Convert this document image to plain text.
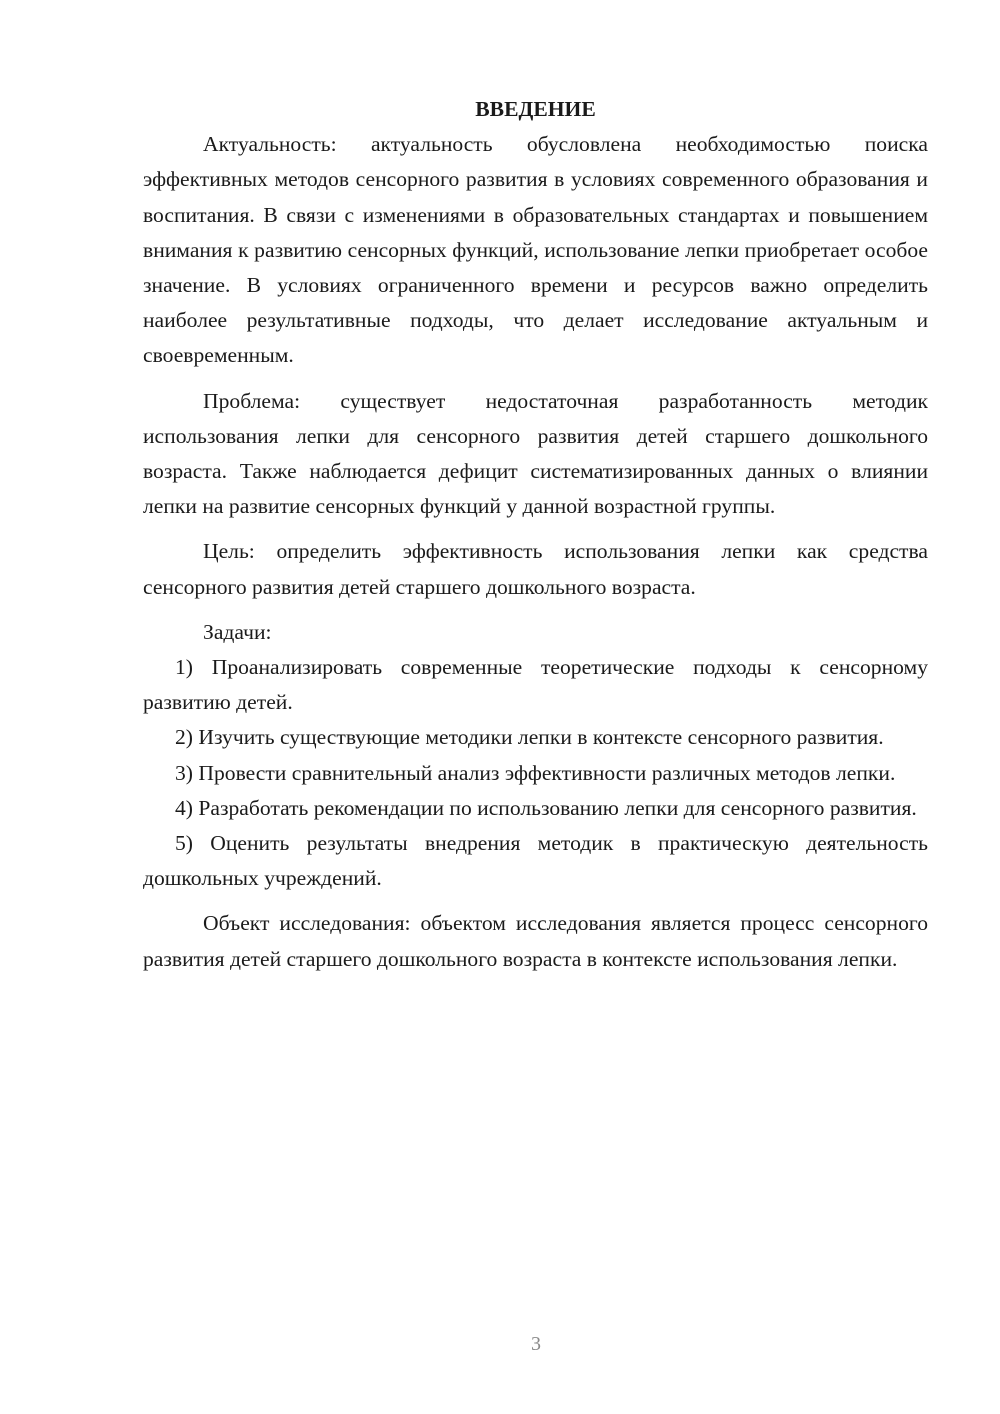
ВВЕДЕНИЕ

Актуальность: актуальность обусловлена необходимостью поиска эффективных методов сенсорного развития в условиях современного образования и воспитания. В связи с изменениями в образовательных стандартах и повышением внимания к развитию сенсорных функций, использование лепки приобретает особое значение. В условиях ограниченного времени и ресурсов важно определить наиболее результативные подходы, что делает исследование актуальным и своевременным.

Проблема: существует недостаточная разработанность методик использования лепки для сенсорного развития детей старшего дошкольного возраста. Также наблюдается дефицит систематизированных данных о влиянии лепки на развитие сенсорных функций у данной возрастной группы.

Цель: определить эффективность использования лепки как средства сенсорного развития детей старшего дошкольного возраста.

Задачи:

1) Проанализировать современные теоретические подходы к сенсорному развитию детей.

2) Изучить существующие методики лепки в контексте сенсорного развития.

3) Провести сравнительный анализ эффективности различных методов лепки.

4) Разработать рекомендации по использованию лепки для сенсорного развития.

5) Оценить результаты внедрения методик в практическую деятельность дошкольных учреждений.

Объект исследования: объектом исследования является процесс сенсорного развития детей старшего дошкольного возраста в контексте использования лепки.

3
